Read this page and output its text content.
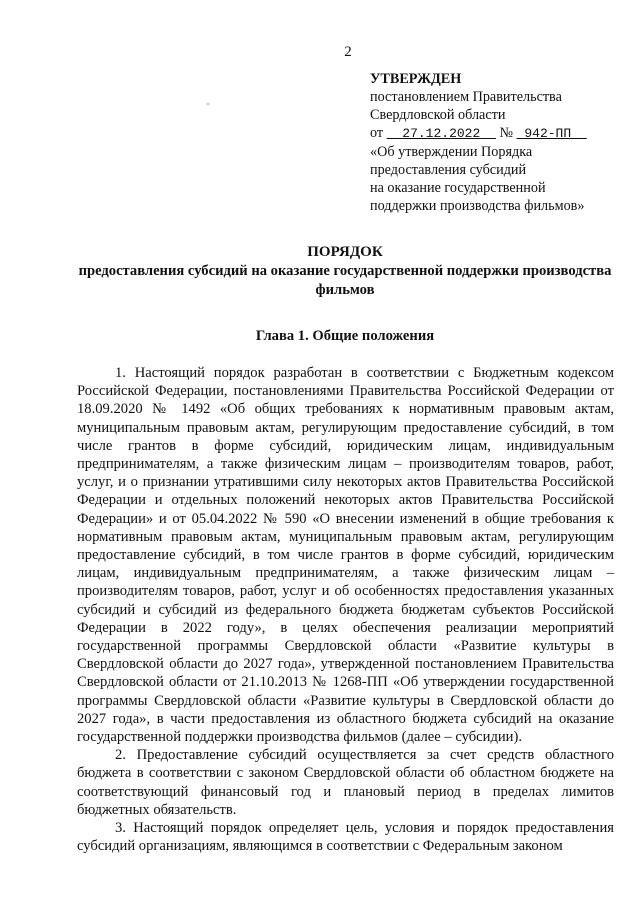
2
УТВЕРЖДЕН
постановлением Правительства
Свердловской области
от 27.12.2022 № 942-ПП
«Об утверждении Порядка
предоставления субсидий
на оказание государственной
поддержки производства фильмов»
ПОРЯДОК
предоставления субсидий на оказание государственной поддержки производства фильмов
Глава 1. Общие положения

1. Настоящий порядок разработан в соответствии с Бюджетным кодексом Российской Федерации, постановлениями Правительства Российской Федерации от 18.09.2020 № 1492 «Об общих требованиях к нормативным правовым актам, муниципальным правовым актам, регулирующим предоставление субсидий, в том числе грантов в форме субсидий, юридическим лицам, индивидуальным предпринимателям, а также физическим лицам – производителям товаров, работ, услуг, и о признании утратившими силу некоторых актов Правительства Российской Федерации и отдельных положений некоторых актов Правительства Российской Федерации» и от 05.04.2022 № 590 «О внесении изменений в общие требования к нормативным правовым актам, муниципальным правовым актам, регулирующим предоставление субсидий, в том числе грантов в форме субсидий, юридическим лицам, индивидуальным предпринимателям, а также физическим лицам – производителям товаров, работ, услуг и об особенностях предоставления указанных субсидий и субсидий из федерального бюджета бюджетам субъектов Российской Федерации в 2022 году», в целях обеспечения реализации мероприятий государственной программы Свердловской области «Развитие культуры в Свердловской области до 2027 года», утвержденной постановлением Правительства Свердловской области от 21.10.2013 № 1268-ПП «Об утверждении государственной программы Свердловской области «Развитие культуры в Свердловской области до 2027 года», в части предоставления из областного бюджета субсидий на оказание государственной поддержки производства фильмов (далее – субсидии).

2. Предоставление субсидий осуществляется за счет средств областного бюджета в соответствии с законом Свердловской области об областном бюджете на соответствующий финансовый год и плановый период в пределах лимитов бюджетных обязательств.

3. Настоящий порядок определяет цель, условия и порядок предоставления субсидий организациям, являющимся в соответствии с Федеральным законом
